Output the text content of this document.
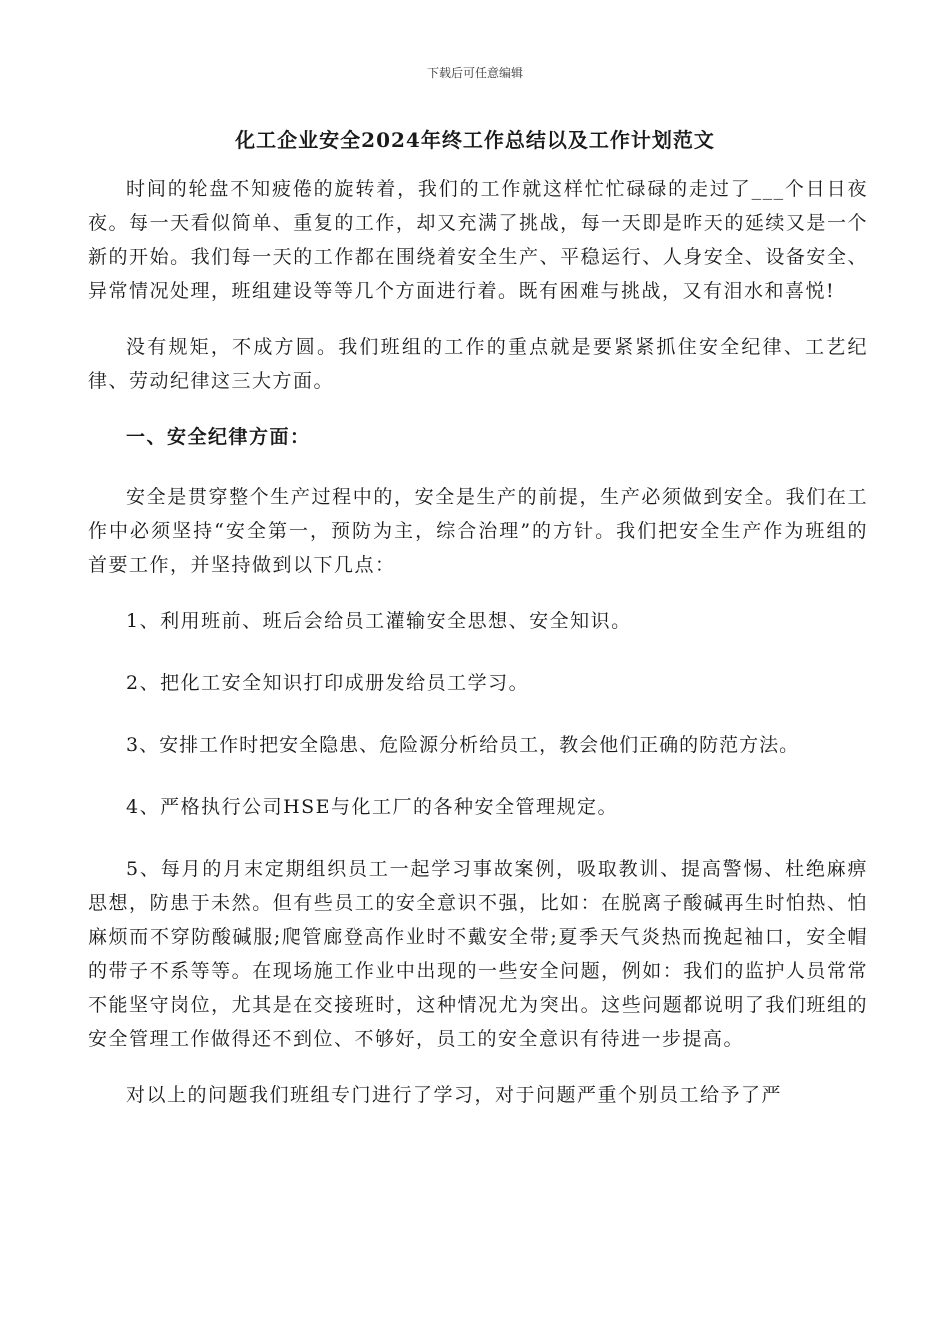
下载后可任意编辑
化工企业安全2024年终工作总结以及工作计划范文

时间的轮盘不知疲倦的旋转着，我们的工作就这样忙忙碌碌的走过了___个日日夜夜。每一天看似简单、重复的工作，却又充满了挑战，每一天即是昨天的延续又是一个新的开始。我们每一天的工作都在围绕着安全生产、平稳运行、人身安全、设备安全、异常情况处理，班组建设等等几个方面进行着。既有困难与挑战，又有泪水和喜悦!

没有规矩，不成方圆。我们班组的工作的重点就是要紧紧抓住安全纪律、工艺纪律、劳动纪律这三大方面。

一、安全纪律方面：

安全是贯穿整个生产过程中的，安全是生产的前提，生产必须做到安全。我们在工作中必须坚持“安全第一，预防为主，综合治理”的方针。我们把安全生产作为班组的首要工作，并坚持做到以下几点：

1、利用班前、班后会给员工灌输安全思想、安全知识。

2、把化工安全知识打印成册发给员工学习。

3、安排工作时把安全隐患、危险源分析给员工，教会他们正确的防范方法。

4、严格执行公司HSE与化工厂的各种安全管理规定。

5、每月的月末定期组织员工一起学习事故案例，吸取教训、提高警惕、杜绝麻痹思想，防患于未然。但有些员工的安全意识不强，比如：在脱离子酸碱再生时怕热、怕麻烦而不穿防酸碱服;爬管廊登高作业时不戴安全带;夏季天气炎热而挽起袖口，安全帽的带子不系等等。在现场施工作业中出现的一些安全问题，例如：我们的监护人员常常不能坚守岗位，尤其是在交接班时，这种情况尤为突出。这些问题都说明了我们班组的安全管理工作做得还不到位、不够好，员工的安全意识有待进一步提高。

对以上的问题我们班组专门进行了学习，对于问题严重个别员工给予了严
